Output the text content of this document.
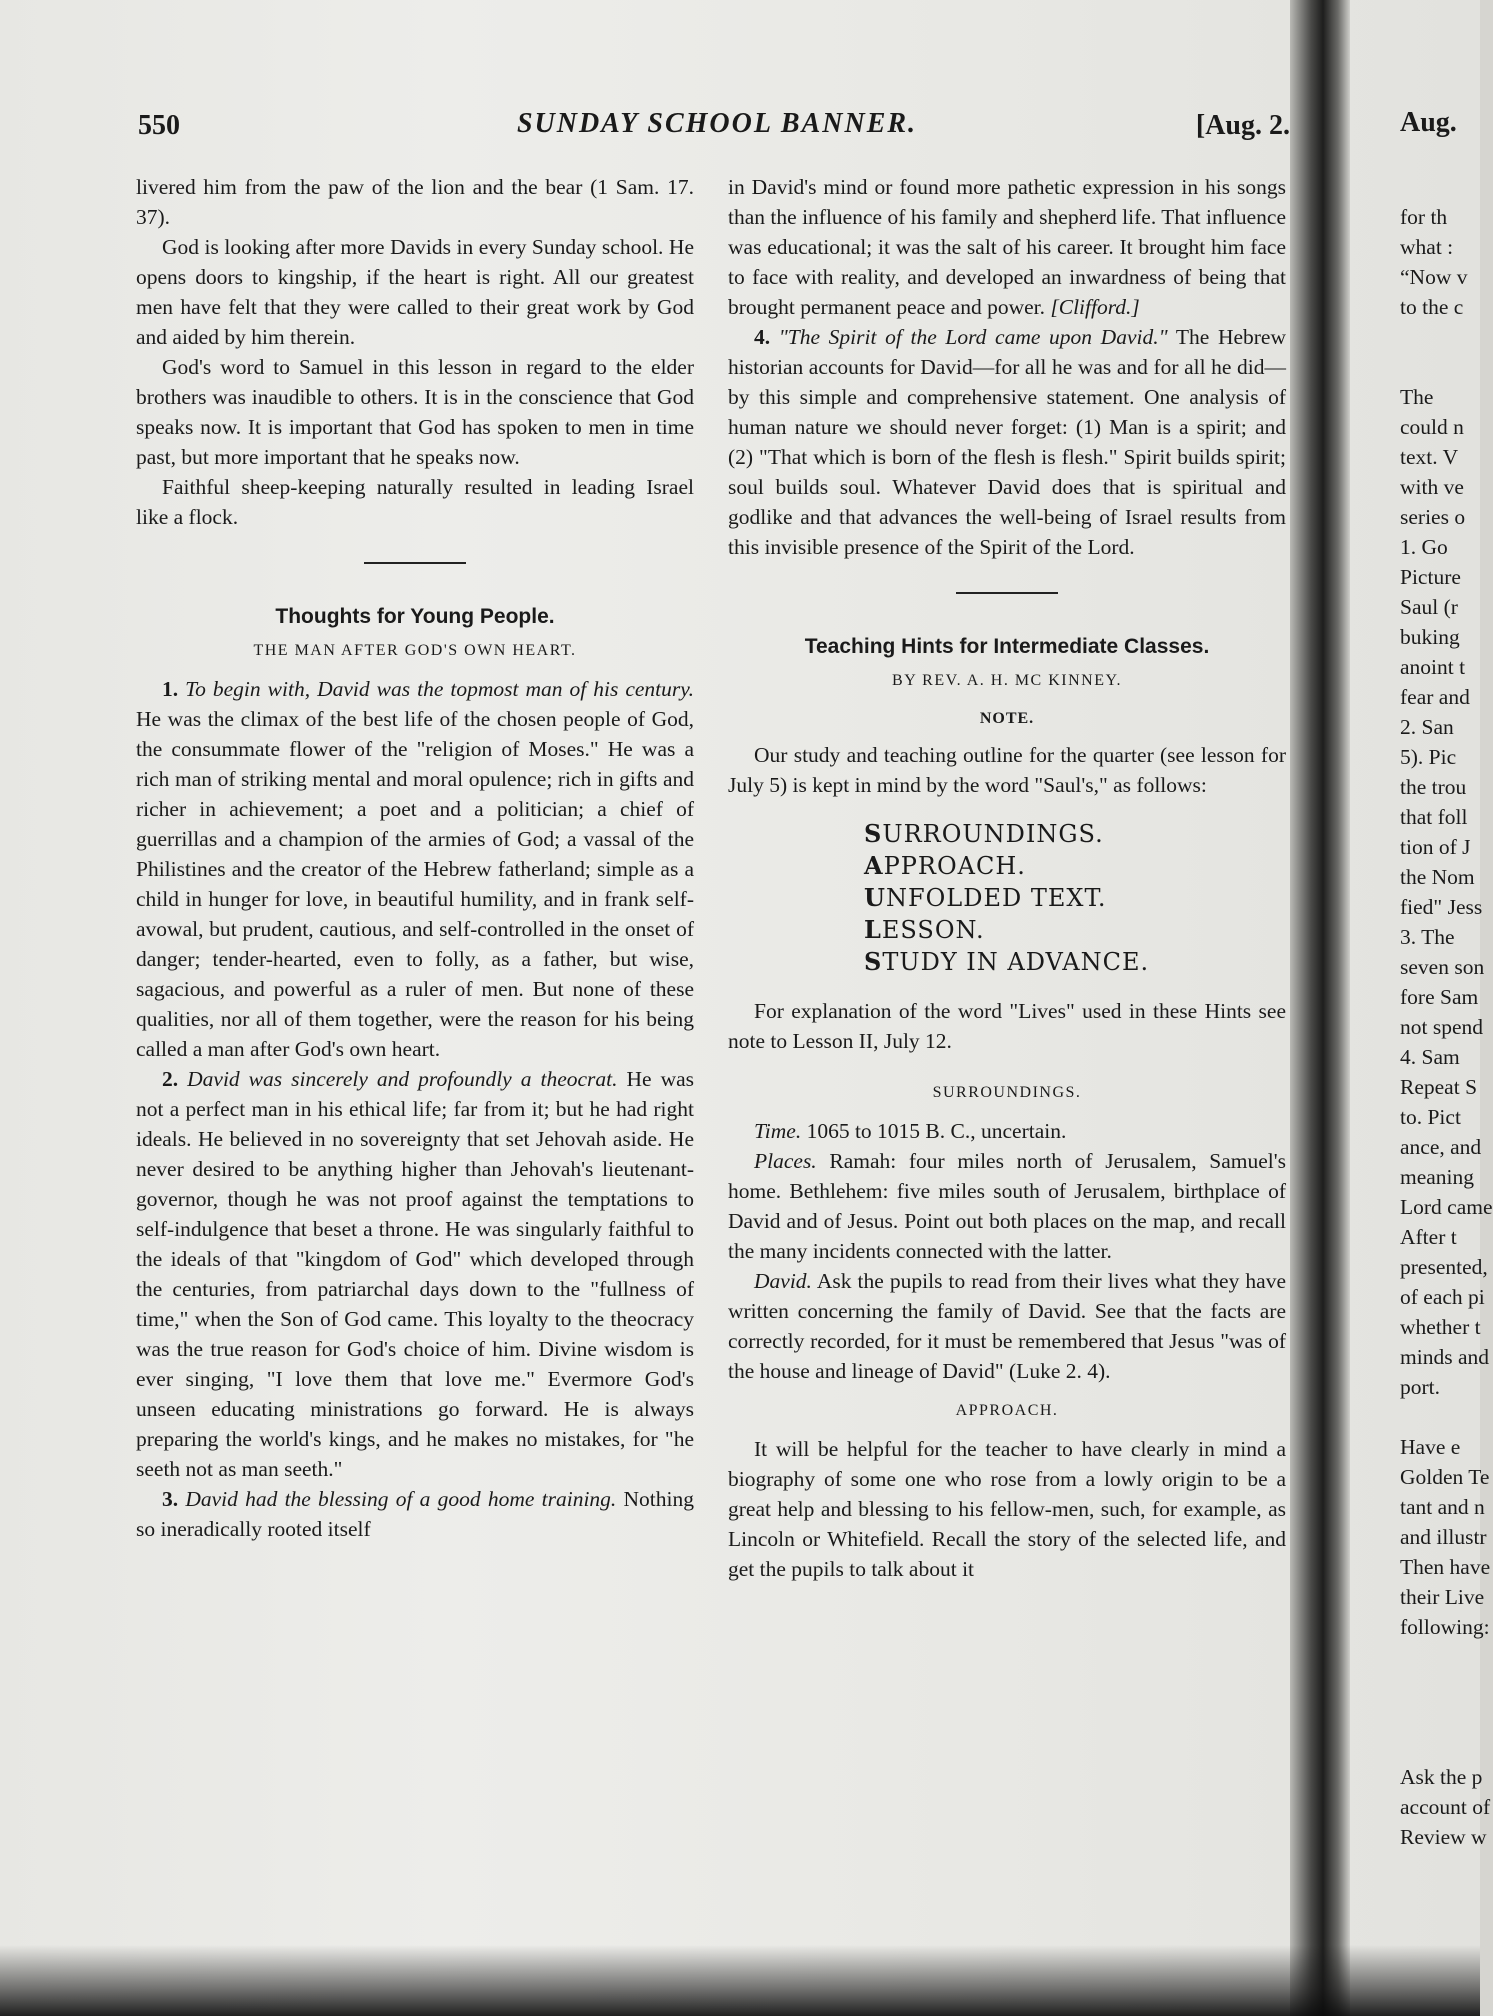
550	SUNDAY SCHOOL BANNER.	[Aug. 2.

livered him from the paw of the lion and the bear (1 Sam. 17. 37).

God is looking after more Davids in every Sunday school. He opens doors to kingship, if the heart is right. All our greatest men have felt that they were called to their great work by God and aided by him therein.

God's word to Samuel in this lesson in regard to the elder brothers was inaudible to others. It is in the conscience that God speaks now. It is important that God has spoken to men in time past, but more important that he speaks now.

Faithful sheep-keeping naturally resulted in leading Israel like a flock.

Thoughts for Young People.
THE MAN AFTER GOD'S OWN HEART.

1. To begin with, David was the topmost man of his century. He was the climax of the best life of the chosen people of God, the consummate flower of the "religion of Moses." He was a rich man of striking mental and moral opulence; rich in gifts and richer in achievement; a poet and a politician; a chief of guerrillas and a champion of the armies of God; a vassal of the Philistines and the creator of the Hebrew fatherland; simple as a child in hunger for love, in beautiful humility, and in frank self-avowal, but prudent, cautious, and self-controlled in the onset of danger; tender-hearted, even to folly, as a father, but wise, sagacious, and powerful as a ruler of men. But none of these qualities, nor all of them together, were the reason for his being called a man after God's own heart.

2. David was sincerely and profoundly a theocrat. He was not a perfect man in his ethical life; far from it; but he had right ideals. He believed in no sovereignty that set Jehovah aside. He never desired to be anything higher than Jehovah's lieutenant-governor, though he was not proof against the temptations to self-indulgence that beset a throne. He was singularly faithful to the ideals of that "kingdom of God" which developed through the centuries, from patriarchal days down to the "fullness of time," when the Son of God came. This loyalty to the theocracy was the true reason for God's choice of him. Divine wisdom is ever singing, "I love them that love me." Evermore God's unseen educating ministrations go forward. He is always preparing the world's kings, and he makes no mistakes, for "he seeth not as man seeth."

3. David had the blessing of a good home training. Nothing so ineradically rooted itself

in David's mind or found more pathetic expression in his songs than the influence of his family and shepherd life. That influence was educational; it was the salt of his career. It brought him face to face with reality, and developed an inwardness of being that brought permanent peace and power. [Clifford.]

4. "The Spirit of the Lord came upon David." The Hebrew historian accounts for David—for all he was and for all he did—by this simple and comprehensive statement. One analysis of human nature we should never forget: (1) Man is a spirit; and (2) "That which is born of the flesh is flesh." Spirit builds spirit; soul builds soul. Whatever David does that is spiritual and godlike and that advances the well-being of Israel results from this invisible presence of the Spirit of the Lord.

Teaching Hints for Intermediate Classes.
BY REV. A. H. MC KINNEY.
NOTE.

Our study and teaching outline for the quarter (see lesson for July 5) is kept in mind by the word "Saul's," as follows:

SURROUNDINGS.
APPROACH.
UNFOLDED TEXT.
LESSON.
STUDY IN ADVANCE.

For explanation of the word "Lives" used in these Hints see note to Lesson II, July 12.

SURROUNDINGS.

Time. 1065 to 1015 B. C., uncertain.

Places. Ramah: four miles north of Jerusalem, Samuel's home. Bethlehem: five miles south of Jerusalem, birthplace of David and of Jesus. Point out both places on the map, and recall the many incidents connected with the latter.

David. Ask the pupils to read from their lives what they have written concerning the family of David. See that the facts are correctly recorded, for it must be remembered that Jesus "was of the house and lineage of David" (Luke 2. 4).

APPROACH.

It will be helpful for the teacher to have clearly in mind a biography of some one who rose from a lowly origin to be a great help and blessing to his fellow-men, such, for example, as Lincoln or Whitefield. Recall the story of the selected life, and get the pupils to talk about it

Aug.
for th
what :
“Now v
to the c
The
could n
text. V
with ve
series o
1. Go
Picture
Saul (r
buking
anoint t
fear and
2. San
5). Pic
the trou
that foll
tion of J
the Nom
fied" Jess
3. The
seven son
fore Sam
not spend
4. Sam
Repeat S
to. Pict
ance, and
meaning
Lord came
After t
presented,
of each pi
whether t
minds and
port.
Have e
Golden Te
tant and n
and illustr
Then have
their Live
following:
Ask the p
account of
Review w
